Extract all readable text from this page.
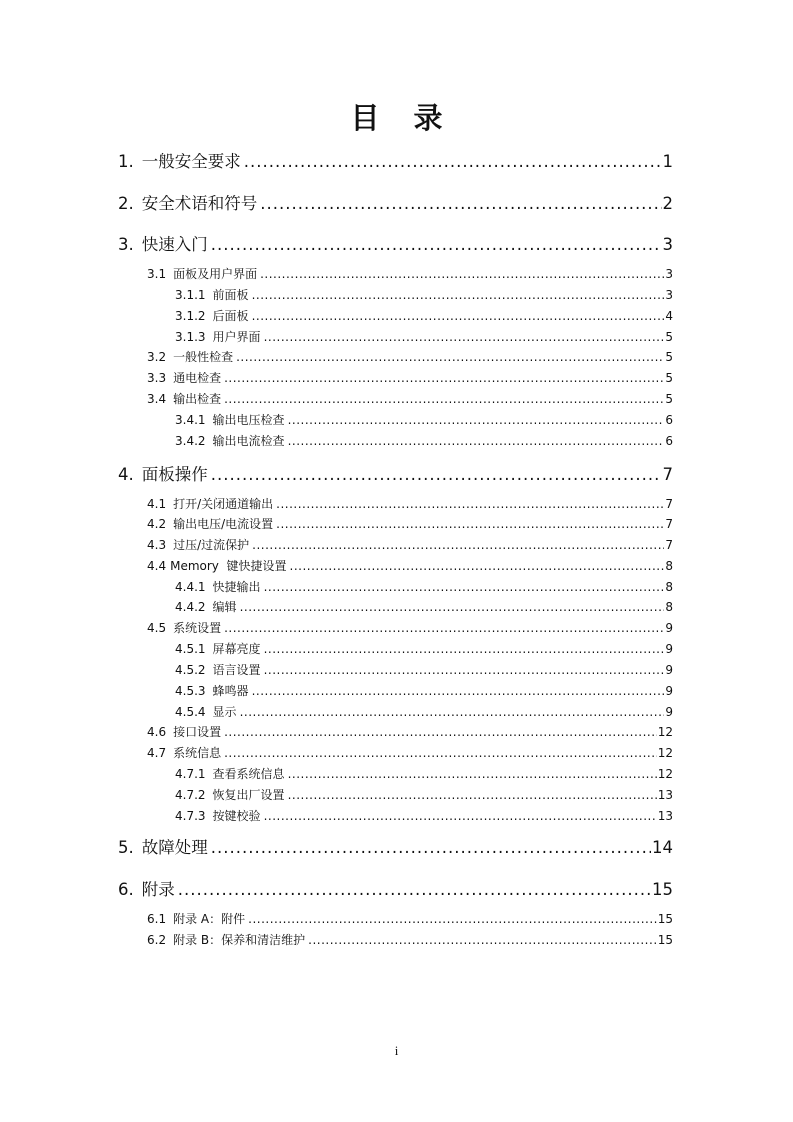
目 录
1. 一般安全要求 .....	1
2. 安全术语和符号 .....	2
3. 快速入门 .....	3
3.1 面板及用户界面 .....	3
3.1.1 前面板 .....	3
3.1.2 后面板 .....	4
3.1.3 用户界面 .....	5
3.2 一般性检查 .....	5
3.3 通电检查 .....	5
3.4 输出检查 .....	5
3.4.1 输出电压检查 .....	6
3.4.2 输出电流检查 .....	6
4. 面板操作 .....	7
4.1 打开/关闭通道输出 .....	7
4.2 输出电压/电流设置 .....	7
4.3 过压/过流保护 .....	7
4.4 Memory  键快捷设置 .....	8
4.4.1 快捷输出 .....	8
4.4.2 编辑 .....	8
4.5 系统设置 .....	9
4.5.1 屏幕亮度 .....	9
4.5.2 语言设置 .....	9
4.5.3 蜂鸣器 .....	9
4.5.4 显示 .....	9
4.6 接口设置 .....	12
4.7 系统信息 .....	12
4.7.1 查看系统信息 .....	12
4.7.2 恢复出厂设置 .....	13
4.7.3 按键校验 .....	13
5. 故障处理 .....	14
6. 附录 .....	15
6.1 附录 A：附件 .....	15
6.2 附录 B：保养和清洁维护 .....	15
i
